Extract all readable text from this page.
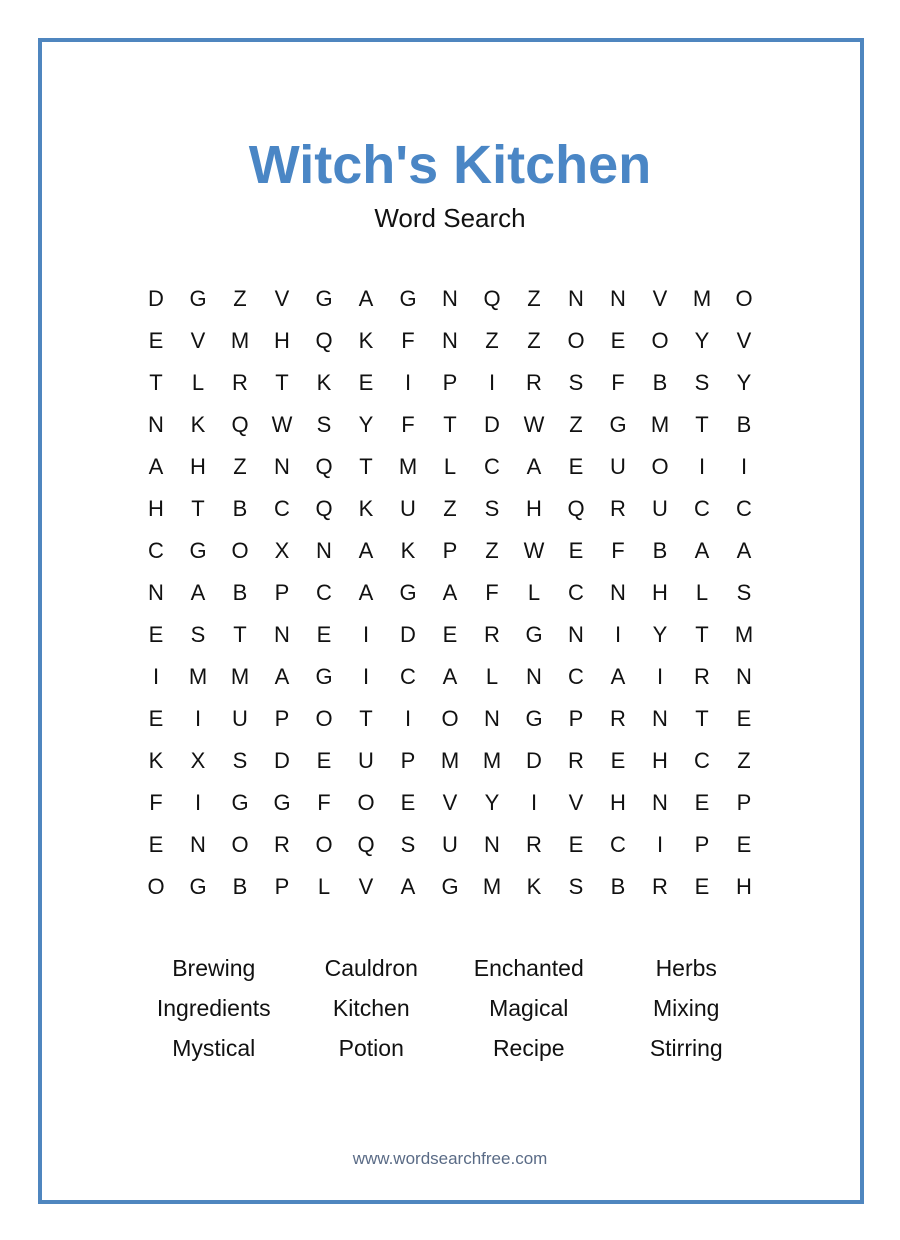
Witch's Kitchen
Word Search
D	G	Z	V	G	A	G	N	Q	Z	N	N	V	M	O
E	V	M	H	Q	K	F	N	Z	Z	O	E	O	Y	V
T	L	R	T	K	E	I	P	I	R	S	F	B	S	Y
N	K	Q	W	S	Y	F	T	D	W	Z	G	M	T	B
A	H	Z	N	Q	T	M	L	C	A	E	U	O	I	I
H	T	B	C	Q	K	U	Z	S	H	Q	R	U	C	C
C	G	O	X	N	A	K	P	Z	W	E	F	B	A	A
N	A	B	P	C	A	G	A	F	L	C	N	H	L	S
E	S	T	N	E	I	D	E	R	G	N	I	Y	T	M
I	M	M	A	G	I	C	A	L	N	C	A	I	R	N
E	I	U	P	O	T	I	O	N	G	P	R	N	T	E
K	X	S	D	E	U	P	M	M	D	R	E	H	C	Z
F	I	G	G	F	O	E	V	Y	I	V	H	N	E	P
E	N	O	R	O	Q	S	U	N	R	E	C	I	P	E
O	G	B	P	L	V	A	G	M	K	S	B	R	E	H
Brewing	Cauldron	Enchanted	Herbs
Ingredients	Kitchen	Magical	Mixing
Mystical	Potion	Recipe	Stirring
www.wordsearchfree.com
